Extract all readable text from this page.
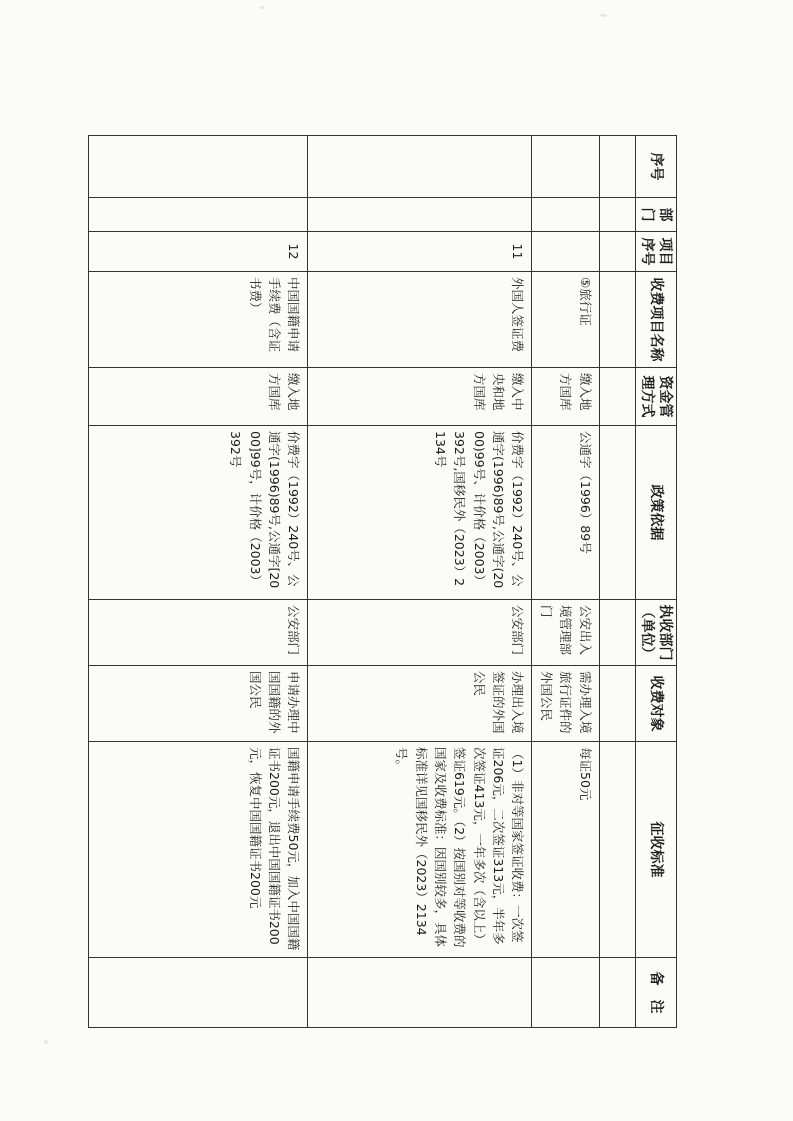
序号	部门	项目序号	收费项目名称	资金管理方式	政策依据	执收部门（单位）	收费对象	征收标准	备　注

			⑤旅行证	缴入地方国库	公通字（1996）89号	公安出入境管理部门	需办理入境旅行证件的外国公民	每证50元	
		11	外国人签证费	缴入中央和地方国库	价费字（1992）240号、公通字(1996)89号,公通字(2000)99号、计价格（2003）392号,国移民外（2023）2134号	公安部门	办理出入境签证的外国公民	（1）非对等国家签证收费：一次签证206元，二次签证313元，半年多次签证413元，一年多次（含以上）签证619元。（2）按国别对等收费的国家及收费标准：因国别较多，具体标准详见国移民外（2023）2134号。	
		12	中国国籍申请手续费（含证书费）	缴入地方国库	价费字（1992）240号、公通字(1996)89号,公通字[2000]99号，计价格（2003）392号	公安部门	申请办理中国国籍的外国公民	国籍申请手续费50元，加入中国国籍证书200元，退出中国国籍证书200元，恢复中国国籍证书200元	
